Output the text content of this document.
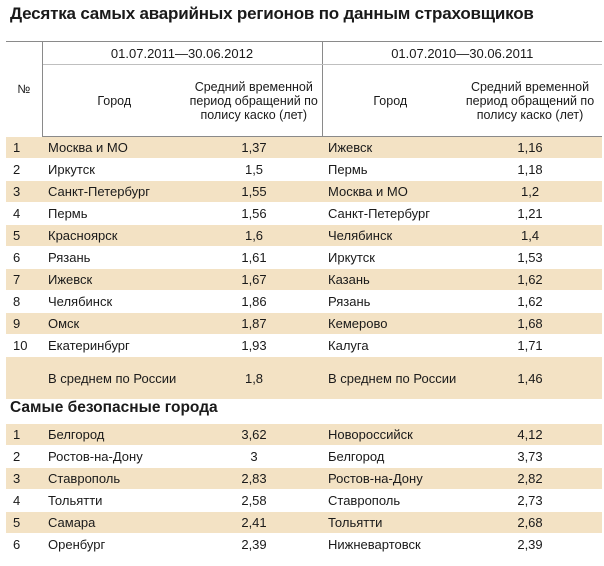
Десятка самых аварийных регионов по данным страховщиков
№	01.07.2011—30.06.2012		01.07.2010—30.06.2011	
	Город	Средний временной период обращений по полису каско (лет)	Город	Средний временной период обращений по полису каско (лет)
1	Москва и МО	1,37	Ижевск	1,16
2	Иркутск	1,5	Пермь	1,18
3	Санкт-Петербург	1,55	Москва и МО	1,2
4	Пермь	1,56	Санкт-Петербург	1,21
5	Красноярск	1,6	Челябинск	1,4
6	Рязань	1,61	Иркутск	1,53
7	Ижевск	1,67	Казань	1,62
8	Челябинск	1,86	Рязань	1,62
9	Омск	1,87	Кемерово	1,68
10	Екатеринбург	1,93	Калуга	1,71
	В среднем по России	1,8	В среднем по России	1,46
Самые безопасные города
1	Белгород	3,62	Новороссийск	4,12
2	Ростов-на-Дону	3	Белгород	3,73
3	Ставрополь	2,83	Ростов-на-Дону	2,82
4	Тольятти	2,58	Ставрополь	2,73
5	Самара	2,41	Тольятти	2,68
6	Оренбург	2,39	Нижневартовск	2,39
